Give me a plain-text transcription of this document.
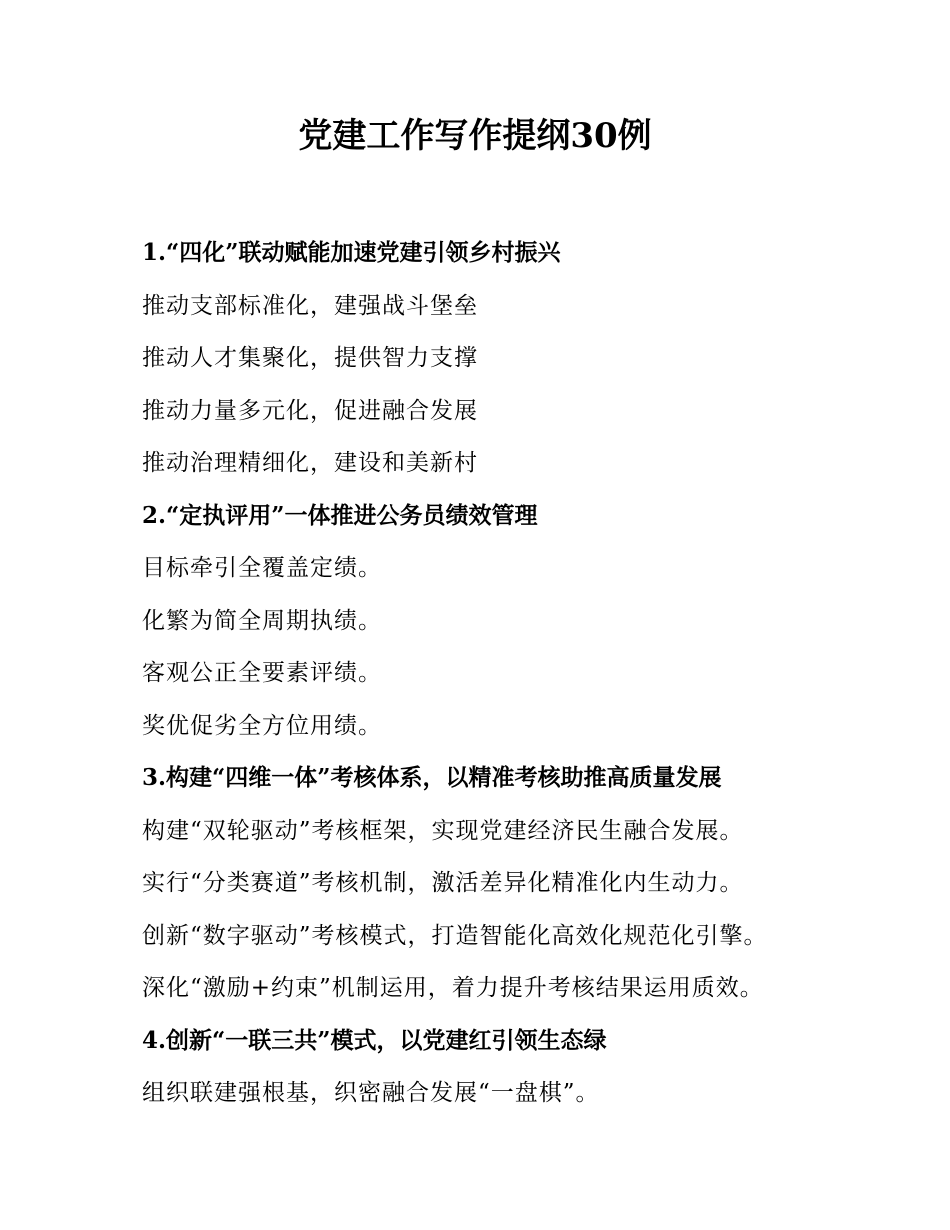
党建工作写作提纲30例
1.“四化”联动赋能加速党建引领乡村振兴
推动支部标准化，建强战斗堡垒
推动人才集聚化，提供智力支撑
推动力量多元化，促进融合发展
推动治理精细化，建设和美新村
2.“定执评用”一体推进公务员绩效管理
目标牵引全覆盖定绩。
化繁为简全周期执绩。
客观公正全要素评绩。
奖优促劣全方位用绩。
3.构建“四维一体”考核体系，以精准考核助推高质量发展
构建“双轮驱动”考核框架，实现党建经济民生融合发展。
实行“分类赛道”考核机制，激活差异化精准化内生动力。
创新“数字驱动”考核模式，打造智能化高效化规范化引擎。
深化“激励+约束”机制运用，着力提升考核结果运用质效。
4.创新“一联三共”模式，以党建红引领生态绿
组织联建强根基，织密融合发展“一盘棋”。
